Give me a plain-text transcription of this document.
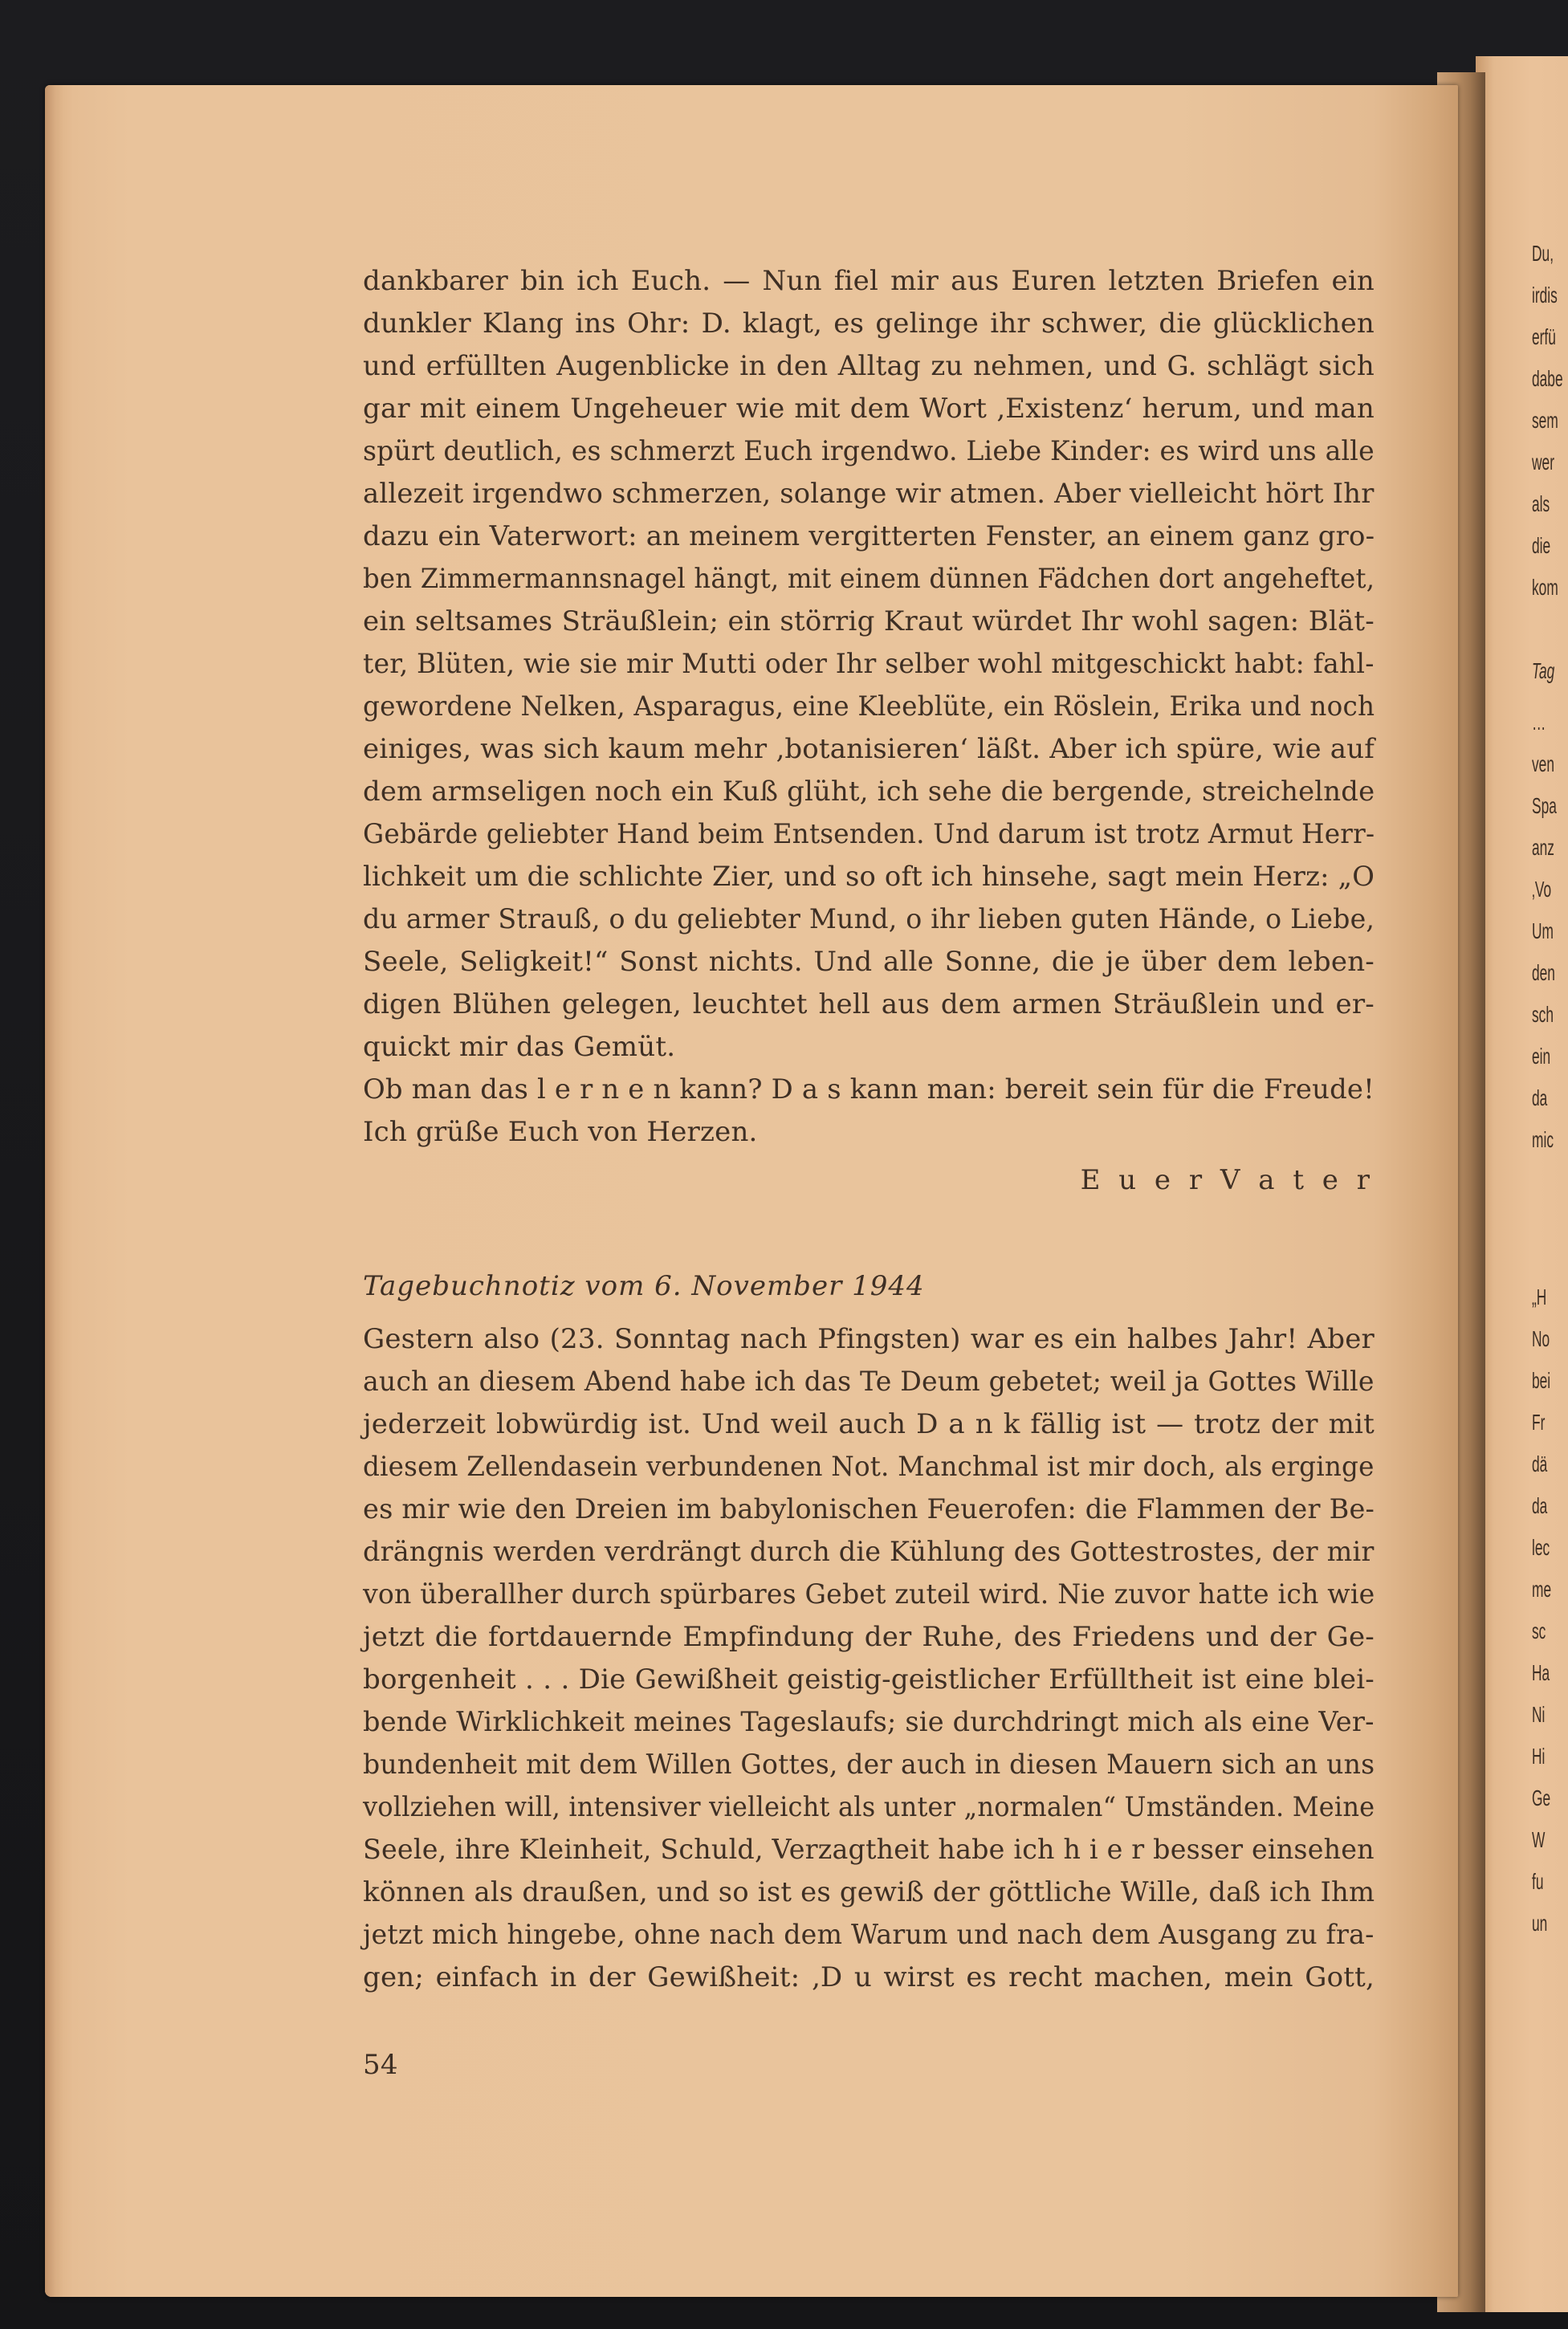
dankbarer bin ich Euch. — Nun fiel mir aus Euren letzten Briefen ein
dunkler Klang ins Ohr: D. klagt, es gelinge ihr schwer, die glücklichen
und erfüllten Augenblicke in den Alltag zu nehmen, und G. schlägt sich
gar mit einem Ungeheuer wie mit dem Wort ‚Existenz‘ herum, und man
spürt deutlich, es schmerzt Euch irgendwo. Liebe Kinder: es wird uns alle
allezeit irgendwo schmerzen, solange wir atmen. Aber vielleicht hört Ihr
dazu ein Vaterwort: an meinem vergitterten Fenster, an einem ganz gro-
ben Zimmermannsnagel hängt, mit einem dünnen Fädchen dort angeheftet,
ein seltsames Sträußlein; ein störrig Kraut würdet Ihr wohl sagen: Blät-
ter, Blüten, wie sie mir Mutti oder Ihr selber wohl mitgeschickt habt: fahl-
gewordene Nelken, Asparagus, eine Kleeblüte, ein Röslein, Erika und noch
einiges, was sich kaum mehr ‚botanisieren‘ läßt. Aber ich spüre, wie auf
dem armseligen noch ein Kuß glüht, ich sehe die bergende, streichelnde
Gebärde geliebter Hand beim Entsenden. Und darum ist trotz Armut Herr-
lichkeit um die schlichte Zier, und so oft ich hinsehe, sagt mein Herz: „O
du armer Strauß, o du geliebter Mund, o ihr lieben guten Hände, o Liebe,
Seele, Seligkeit!“ Sonst nichts. Und alle Sonne, die je über dem leben-
digen Blühen gelegen, leuchtet hell aus dem armen Sträußlein und er-
quickt mir das Gemüt.
Ob man das l e r n e n kann? D a s kann man: bereit sein für die Freude!
Ich grüße Euch von Herzen.
E u e r V a t e r
Tagebuchnotiz vom 6. November 1944
Gestern also (23. Sonntag nach Pfingsten) war es ein halbes Jahr! Aber
auch an diesem Abend habe ich das Te Deum gebetet; weil ja Gottes Wille
jederzeit lobwürdig ist. Und weil auch D a n k fällig ist — trotz der mit
diesem Zellendasein verbundenen Not. Manchmal ist mir doch, als erginge
es mir wie den Dreien im babylonischen Feuerofen: die Flammen der Be-
drängnis werden verdrängt durch die Kühlung des Gottestrostes, der mir
von überallher durch spürbares Gebet zuteil wird. Nie zuvor hatte ich wie
jetzt die fortdauernde Empfindung der Ruhe, des Friedens und der Ge-
borgenheit . . . Die Gewißheit geistig-geistlicher Erfülltheit ist eine blei-
bende Wirklichkeit meines Tageslaufs; sie durchdringt mich als eine Ver-
bundenheit mit dem Willen Gottes, der auch in diesen Mauern sich an uns
vollziehen will, intensiver vielleicht als unter „normalen“ Umständen. Meine
Seele, ihre Kleinheit, Schuld, Verzagtheit habe ich h i e r besser einsehen
können als draußen, und so ist es gewiß der göttliche Wille, daß ich Ihm
jetzt mich hingebe, ohne nach dem Warum und nach dem Ausgang zu fra-
gen; einfach in der Gewißheit: ‚D u wirst es recht machen, mein Gott,
54
Du,
irdis
erfü
dabe
sem
wer
als
die
kom
Tag
…
ven
Spa
anz
‚Vo
Um
den
sch
ein
da
mic
„H
No
bei
Fr
dä
da
lec
me
sc
Ha
Ni
Hi
Ge
W
fu
un
